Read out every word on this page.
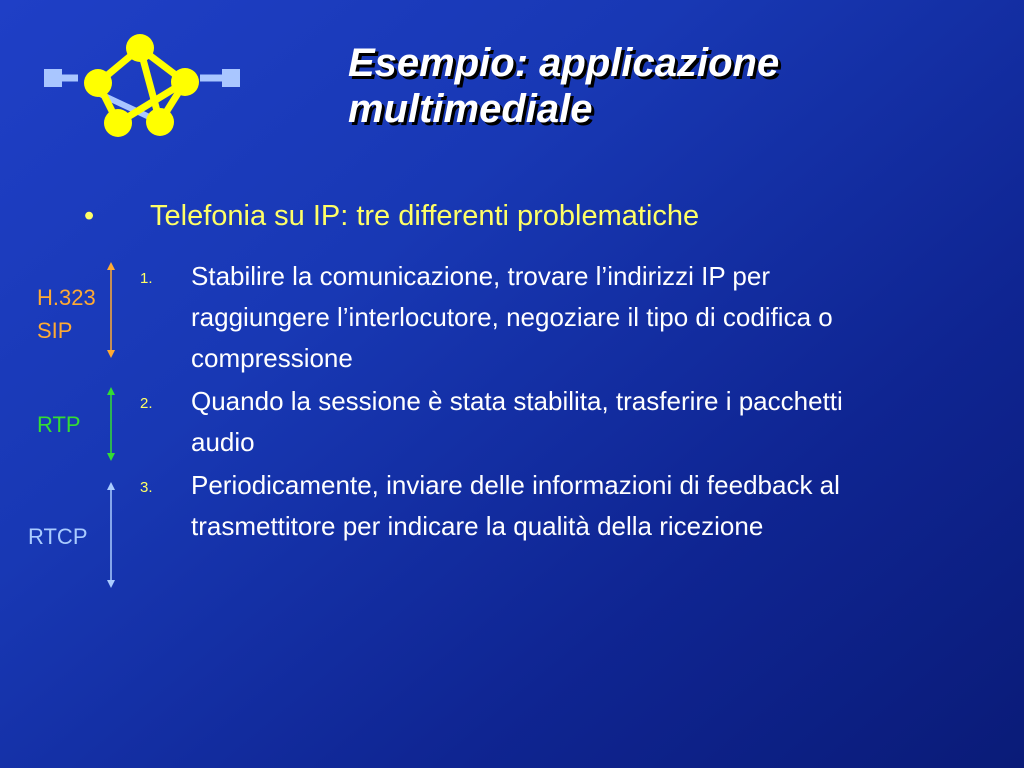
Esempio: applicazione
multimediale
• Telefonia su IP: tre differenti problematiche
1. Stabilire la comunicazione, trovare l’indirizzi IP per raggiungere l’interlocutore, negoziare il tipo di codifica o compressione
2. Quando la sessione è stata stabilita, trasferire i pacchetti audio
3. Periodicamente, inviare delle informazioni di feedback al trasmettitore per indicare la qualità della ricezione
H.323
SIP
RTP
RTCP
